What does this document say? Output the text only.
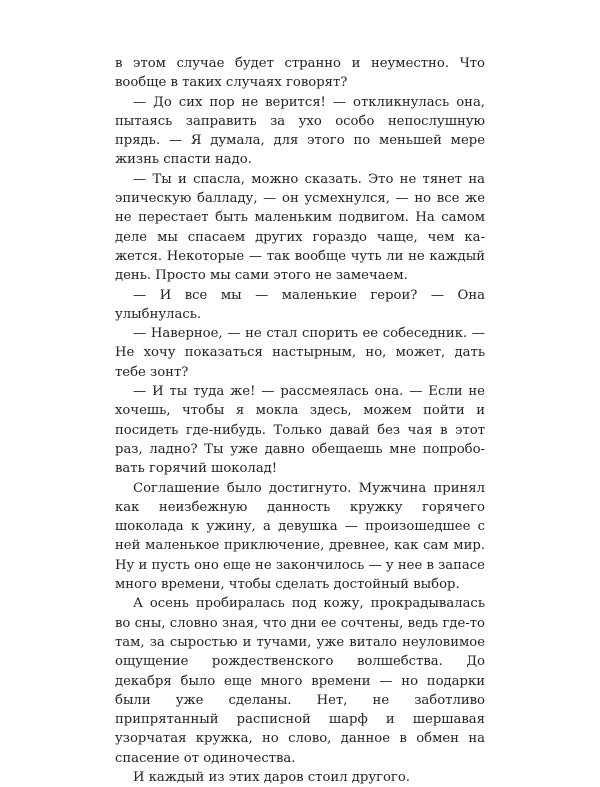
в этом случае будет странно и неуместно. Что вообще в таких случаях говорят?

— До сих пор не верится! — откликнулась она, пытаясь заправить за ухо особо непослушную прядь. — Я думала, для этого по меньшей мере жизнь спасти надо.

— Ты и спасла, можно сказать. Это не тянет на эпическую балладу, — он усмехнулся, — но все же не перестает быть маленьким подвигом. На самом деле мы спасаем других гораздо чаще, чем кажется. Некоторые — так вообще чуть ли не каждый день. Просто мы сами этого не замечаем.

— И все мы — маленькие герои? — Она улыбнулась.

— Наверное, — не стал спорить ее собеседник. — Не хочу показаться настырным, но, может, дать тебе зонт?

— И ты туда же! — рассмеялась она. — Если не хочешь, чтобы я мокла здесь, можем пойти и посидеть где-нибудь. Только давай без чая в этот раз, ладно? Ты уже давно обещаешь мне попробовать горячий шоколад!

Соглашение было достигнуто. Мужчина принял как неизбежную данность кружку горячего шоколада к ужину, а девушка — произошедшее с ней маленькое приключение, древнее, как сам мир. Ну и пусть оно еще не закончилось — у нее в запасе много времени, чтобы сделать достойный выбор.

А осень пробиралась под кожу, прокрадывалась во сны, словно зная, что дни ее сочтены, ведь где-то там, за сыростью и тучами, уже витало неуловимое ощущение рождественского волшебства. До декабря было еще много времени — но подарки были уже сделаны. Нет, не заботливо припрятанный расписной шарф и шершавая узорчатая кружка, но слово, данное в обмен на спасение от одиночества.

И каждый из этих даров стоил другого.
